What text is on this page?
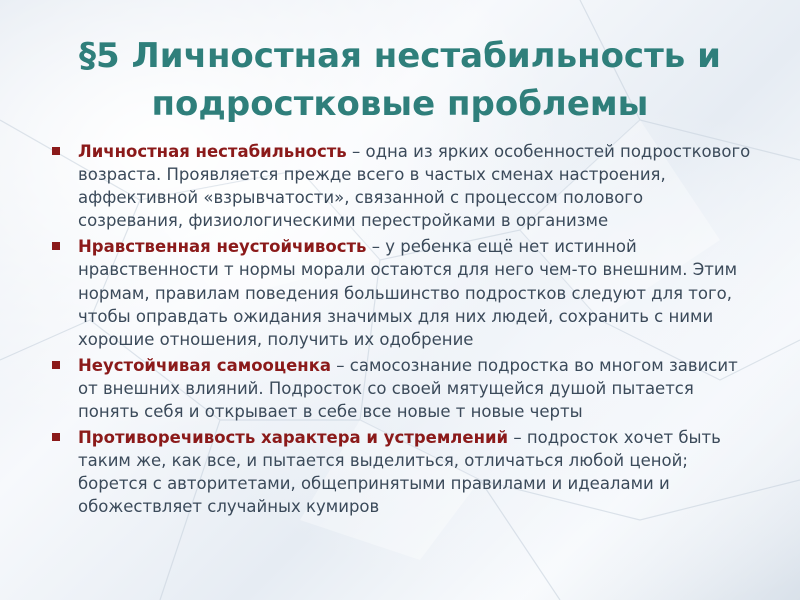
§5 Личностная нестабильность и подростковые проблемы
Личностная нестабильность – одна из ярких особенностей подросткового возраста. Проявляется прежде всего в частых сменах настроения, аффективной «взрывчатости», связанной с процессом полового созревания, физиологическими перестройками в организме
Нравственная неустойчивость – у ребенка ещё нет истинной нравственности т нормы морали остаются для него чем-то внешним. Этим нормам, правилам поведения большинство подростков следуют для того, чтобы оправдать ожидания значимых для них людей, сохранить с ними хорошие отношения, получить их одобрение
Неустойчивая самооценка – самосознание подростка во многом зависит от внешних влияний. Подросток со своей мятущейся душой пытается понять себя и открывает в себе все новые т новые черты
Противоречивость характера и устремлений – подросток хочет быть таким же, как все, и пытается выделиться, отличаться любой ценой; борется с авторитетами, общепринятыми правилами и идеалами и обожествляет случайных кумиров
